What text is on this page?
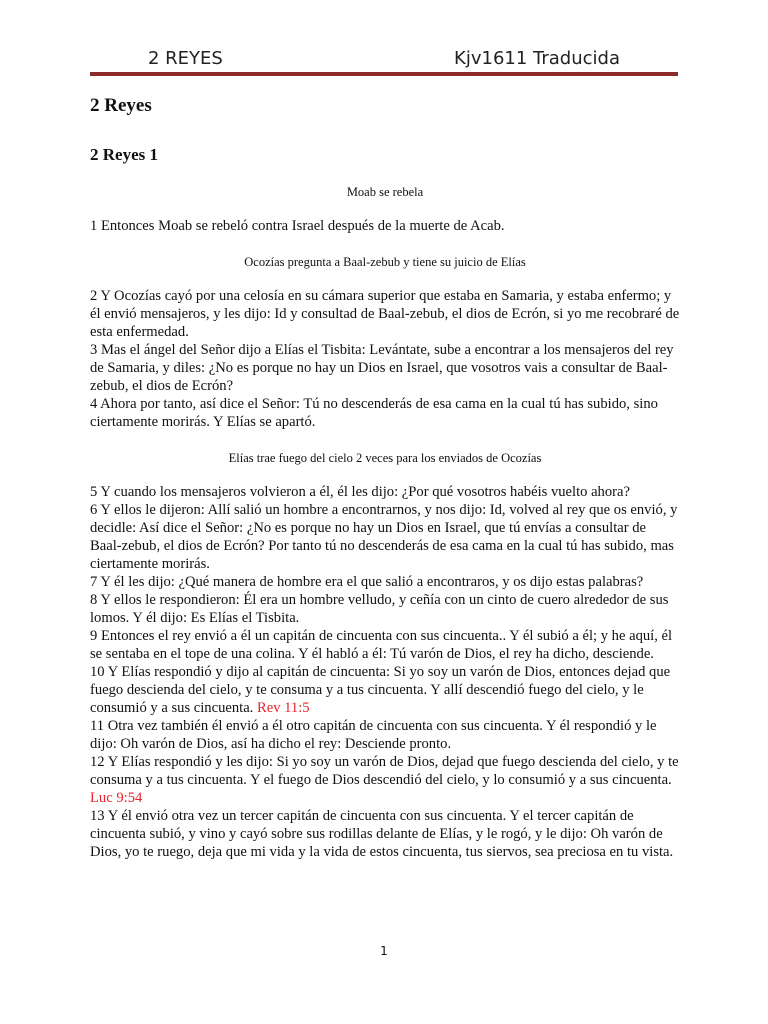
2 REYES	Kjv1611 Traducida
2 Reyes
2 Reyes 1
Moab se rebela
1 Entonces Moab se rebeló contra Israel después de la muerte de Acab.
Ocozías pregunta a Baal-zebub y tiene su juicio de Elías
2 Y Ocozías cayó por una celosía en su cámara superior que estaba en Samaria, y estaba enfermo; y él envió mensajeros, y les dijo: Id y consultad de Baal-zebub, el dios de Ecrón, si yo me recobraré de esta enfermedad.
3 Mas el ángel del Señor dijo a Elías el Tisbita: Levántate, sube a encontrar a los mensajeros del rey de Samaria, y diles: ¿No es porque no hay un Dios en Israel, que vosotros vais a consultar de Baal-zebub, el dios de Ecrón?
4 Ahora por tanto, así dice el Señor: Tú no descenderás de esa cama en la cual tú has subido, sino ciertamente morirás. Y Elías se apartó.
Elías trae fuego del cielo 2 veces para los enviados de Ocozías
5 Y cuando los mensajeros volvieron a él, él les dijo: ¿Por qué vosotros habéis vuelto ahora?
6 Y ellos le dijeron: Allí salió un hombre a encontrarnos, y nos dijo: Id, volved al rey que os envió, y decidle: Así dice el Señor: ¿No es porque no hay un Dios en Israel, que tú envías a consultar de Baal-zebub, el dios de Ecrón? Por tanto tú no descenderás de esa cama en la cual tú has subido, mas ciertamente morirás.
7 Y él les dijo: ¿Qué manera de hombre era el que salió a encontraros, y os dijo estas palabras?
8 Y ellos le respondieron: Él era un hombre velludo, y ceñía con un cinto de cuero alrededor de sus lomos. Y él dijo: Es Elías el Tisbita.
9 Entonces el rey envió a él un capitán de cincuenta con sus cincuenta.. Y él subió a él; y he aquí, él se sentaba en el tope de una colina. Y él habló a él: Tú varón de Dios, el rey ha dicho, desciende.
10 Y Elías respondió y dijo al capitán de cincuenta: Si yo soy un varón de Dios, entonces dejad que fuego descienda del cielo, y te consuma y a tus cincuenta. Y allí descendió fuego del cielo, y le consumió y a sus cincuenta. Rev 11:5
11 Otra vez también él envió a él otro capitán de cincuenta con sus cincuenta. Y él respondió y le dijo: Oh varón de Dios, así ha dicho el rey: Desciende pronto.
12 Y Elías respondió y les dijo: Si yo soy un varón de Dios, dejad que fuego descienda del cielo, y te consuma y a tus cincuenta. Y el fuego de Dios descendió del cielo, y lo consumió y a sus cincuenta.
Luc 9:54
13 Y él envió otra vez un tercer capitán de cincuenta con sus cincuenta. Y el tercer capitán de cincuenta subió, y vino y cayó sobre sus rodillas delante de Elías, y le rogó, y le dijo: Oh varón de Dios, yo te ruego, deja que mi vida y la vida de estos cincuenta, tus siervos, sea preciosa en tu vista.
1
